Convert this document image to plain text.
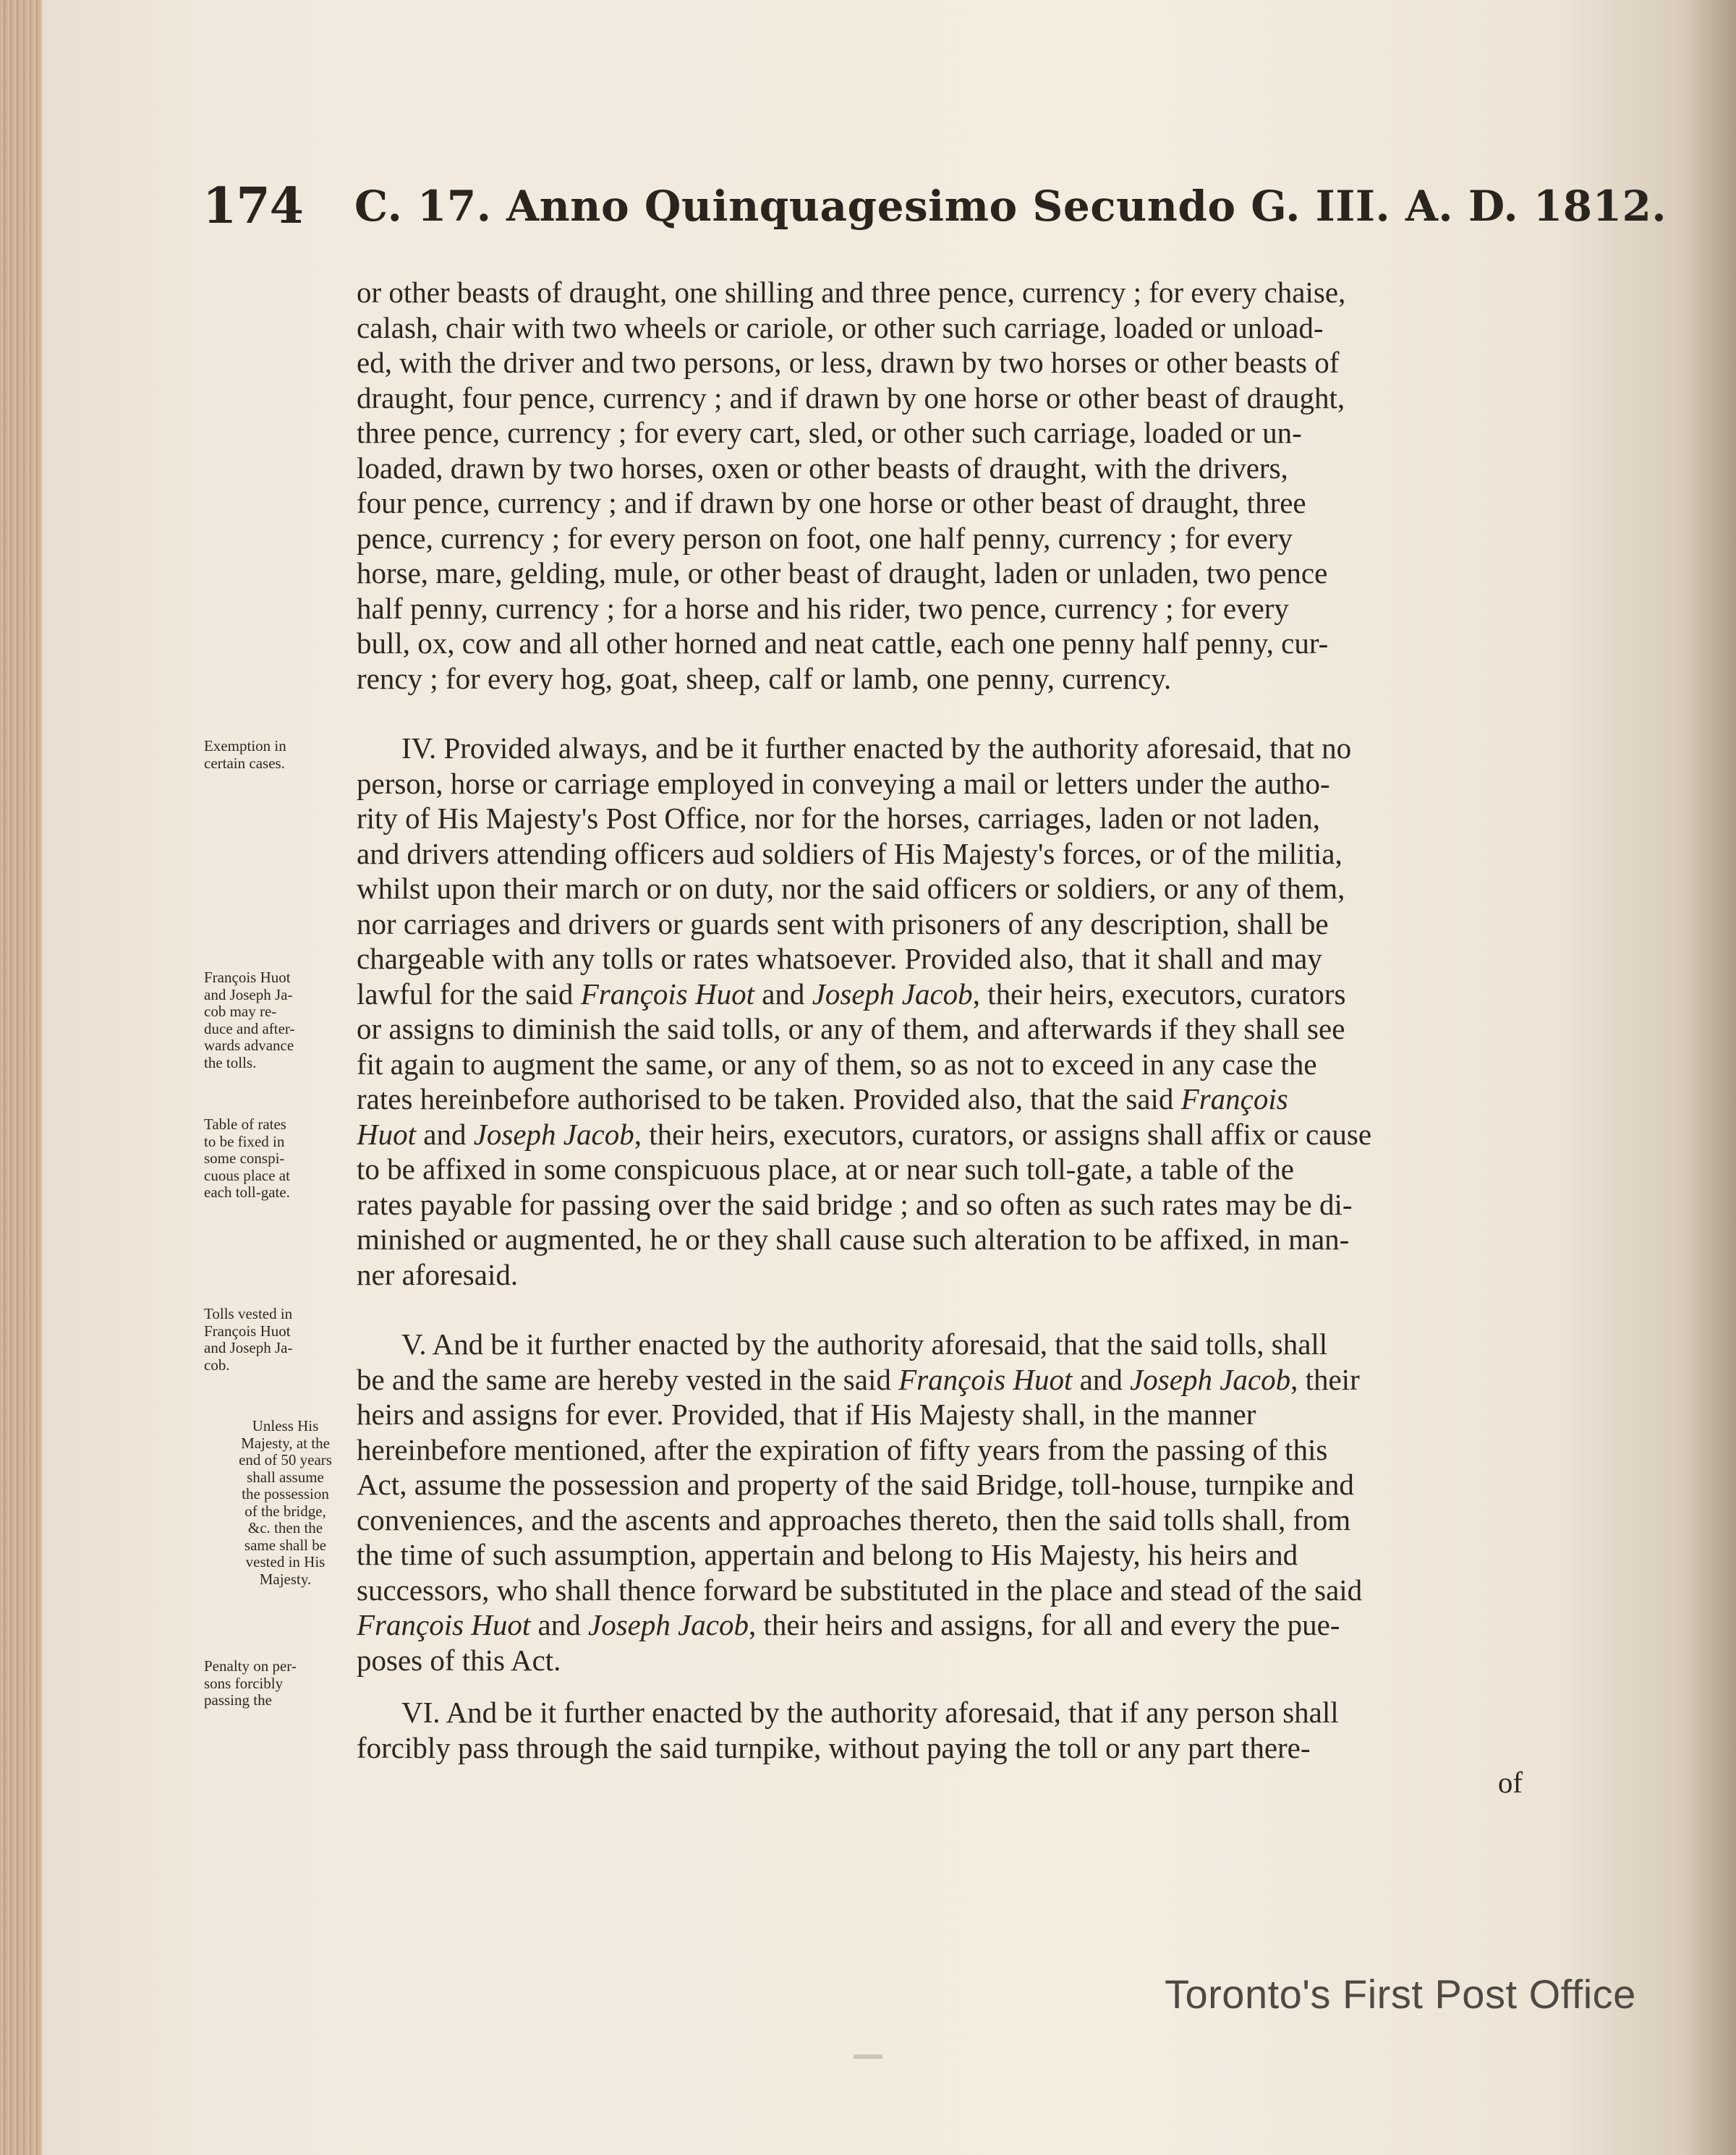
174 C. 17. Anno Quinquagesimo Secundo G. III. A. D. 1812.
or other beasts of draught, one shilling and three pence, currency ; for every chaise,
calash, chair with two wheels or cariole, or other such carriage, loaded or unload-
ed, with the driver and two persons, or less, drawn by two horses or other beasts of
draught, four pence, currency ; and if drawn by one horse or other beast of draught,
three pence, currency ; for every cart, sled, or other such carriage, loaded or un-
loaded, drawn by two horses, oxen or other beasts of draught, with the drivers,
four pence, currency ; and if drawn by one horse or other beast of draught, three
pence, currency ; for every person on foot, one half penny, currency ; for every
horse, mare, gelding, mule, or other beast of draught, laden or unladen, two pence
half penny, currency ; for a horse and his rider, two pence, currency ; for every
bull, ox, cow and all other horned and neat cattle, each one penny half penny, cur-
rency ; for every hog, goat, sheep, calf or lamb, one penny, currency.
IV. Provided always, and be it further enacted by the authority aforesaid, that no
person, horse or carriage employed in conveying a mail or letters under the autho-
rity of His Majesty's Post Office, nor for the horses, carriages, laden or not laden,
and drivers attending officers aud soldiers of His Majesty's forces, or of the militia,
whilst upon their march or on duty, nor the said officers or soldiers, or any of them,
nor carriages and drivers or guards sent with prisoners of any description, shall be
chargeable with any tolls or rates whatsoever. Provided also, that it shall and may
lawful for the said François Huot and Joseph Jacob, their heirs, executors, curators
or assigns to diminish the said tolls, or any of them, and afterwards if they shall see
fit again to augment the same, or any of them, so as not to exceed in any case the
rates hereinbefore authorised to be taken. Provided also, that the said François
Huot and Joseph Jacob, their heirs, executors, curators, or assigns shall affix or cause
to be affixed in some conspicuous place, at or near such toll-gate, a table of the
rates payable for passing over the said bridge ; and so often as such rates may be di-
minished or augmented, he or they shall cause such alteration to be affixed, in man-
ner aforesaid.
V. And be it further enacted by the authority aforesaid, that the said tolls, shall
be and the same are hereby vested in the said François Huot and Joseph Jacob, their
heirs and assigns for ever. Provided, that if His Majesty shall, in the manner
hereinbefore mentioned, after the expiration of fifty years from the passing of this
Act, assume the possession and property of the said Bridge, toll-house, turnpike and
conveniences, and the ascents and approaches thereto, then the said tolls shall, from
the time of such assumption, appertain and belong to His Majesty, his heirs and
successors, who shall thence forward be substituted in the place and stead of the said
François Huot and Joseph Jacob, their heirs and assigns, for all and every the pue-
poses of this Act.
VI. And be it further enacted by the authority aforesaid, that if any person shall
forcibly pass through the said turnpike, without paying the toll or any part there-
of
Exemption in
certain cases.
François Huot
and Joseph Ja-
cob may re-
duce and after-
wards advance
the tolls.
Table of rates
to be fixed in
some conspi-
cuous place at
each toll-gate.
Tolls vested in
François Huot
and Joseph Ja-
cob.
Unless His
Majesty, at the
end of 50 years
shall assume
the possession
of the bridge,
&c. then the
same shall be
vested in His
Majesty.
Penalty on per-
sons forcibly
passing the
Toronto's First Post Office
